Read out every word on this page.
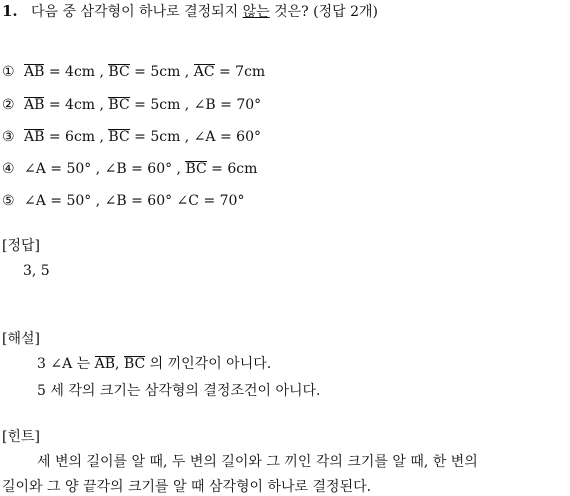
1. 다음 중 삼각형이 하나로 결정되지 않는 것은? (정답 2개)
① AB = 4cm , BC = 5cm , AC = 7cm
② AB = 4cm , BC = 5cm , ∠B = 70°
③ AB = 6cm , BC = 5cm , ∠A = 60°
④ ∠A = 50° , ∠B = 60° , BC = 6cm
⑤ ∠A = 50° , ∠B = 60° ∠C = 70°
[정답]
3, 5
[해설]
3 ∠A 는 AB, BC 의 끼인각이 아니다.
5 세 각의 크기는 삼각형의 결정조건이 아니다.
[힌트]
세 변의 길이를 알 때, 두 변의 길이와 그 끼인 각의 크기를 알 때, 한 변의
길이와 그 양 끝각의 크기를 알 때 삼각형이 하나로 결정된다.
